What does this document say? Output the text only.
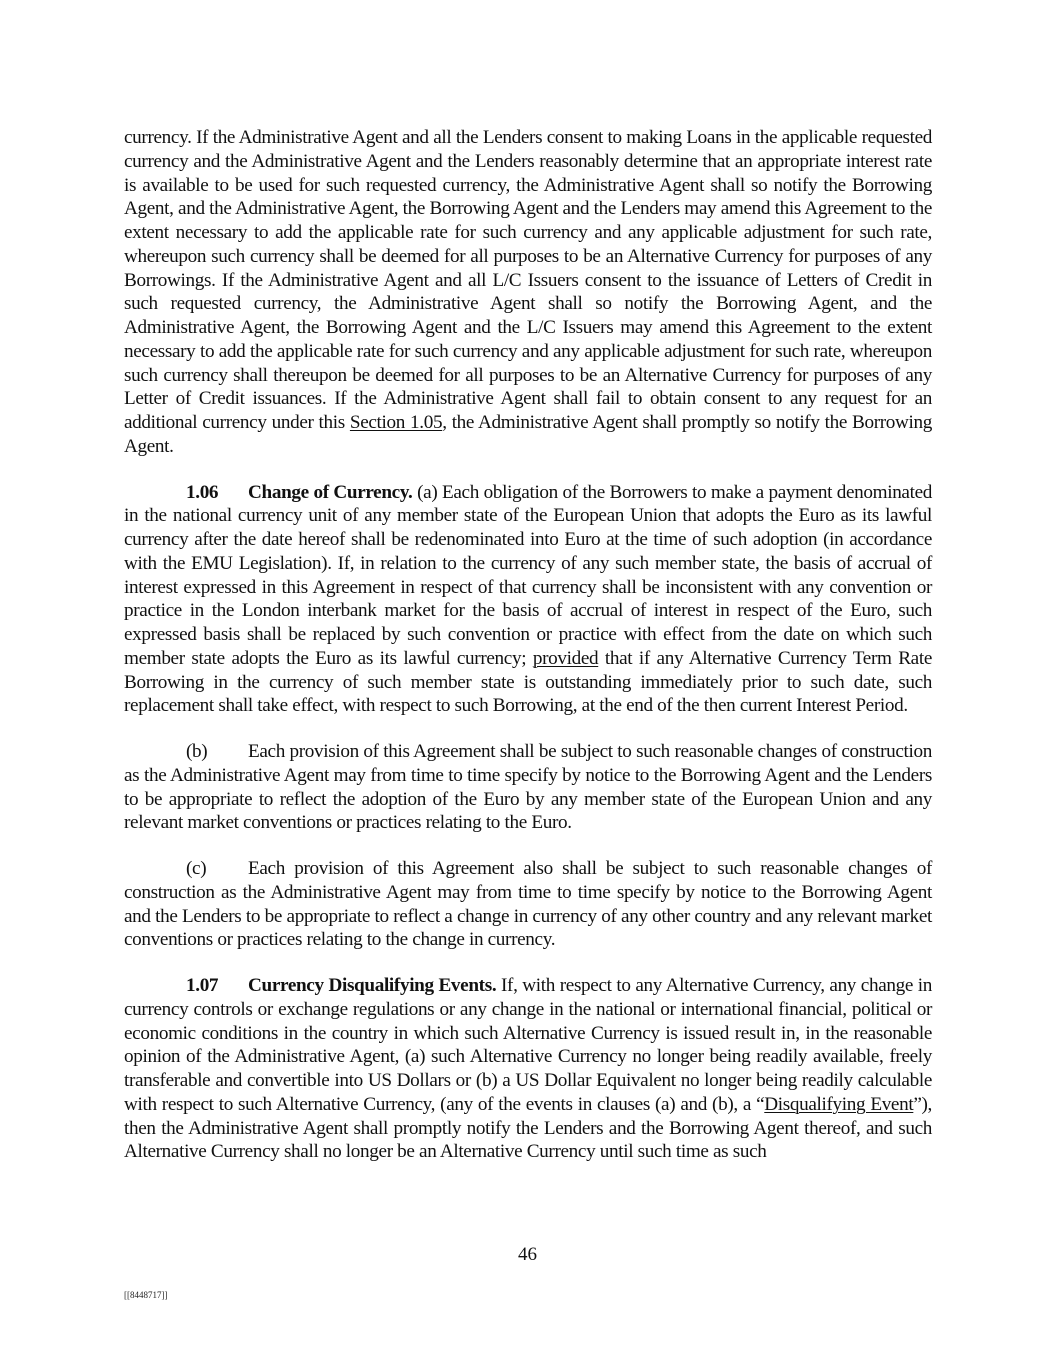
currency. If the Administrative Agent and all the Lenders consent to making Loans in the applicable requested currency and the Administrative Agent and the Lenders reasonably determine that an appropriate interest rate is available to be used for such requested currency, the Administrative Agent shall so notify the Borrowing Agent, and the Administrative Agent, the Borrowing Agent and the Lenders may amend this Agreement to the extent necessary to add the applicable rate for such currency and any applicable adjustment for such rate, whereupon such currency shall be deemed for all purposes to be an Alternative Currency for purposes of any Borrowings. If the Administrative Agent and all L/C Issuers consent to the issuance of Letters of Credit in such requested currency, the Administrative Agent shall so notify the Borrowing Agent, and the Administrative Agent, the Borrowing Agent and the L/C Issuers may amend this Agreement to the extent necessary to add the applicable rate for such currency and any applicable adjustment for such rate, whereupon such currency shall thereupon be deemed for all purposes to be an Alternative Currency for purposes of any Letter of Credit issuances. If the Administrative Agent shall fail to obtain consent to any request for an additional currency under this Section 1.05, the Administrative Agent shall promptly so notify the Borrowing Agent.

1.06 Change of Currency. (a) Each obligation of the Borrowers to make a payment denominated in the national currency unit of any member state of the European Union that adopts the Euro as its lawful currency after the date hereof shall be redenominated into Euro at the time of such adoption (in accordance with the EMU Legislation). If, in relation to the currency of any such member state, the basis of accrual of interest expressed in this Agreement in respect of that currency shall be inconsistent with any convention or practice in the London interbank market for the basis of accrual of interest in respect of the Euro, such expressed basis shall be replaced by such convention or practice with effect from the date on which such member state adopts the Euro as its lawful currency; provided that if any Alternative Currency Term Rate Borrowing in the currency of such member state is outstanding immediately prior to such date, such replacement shall take effect, with respect to such Borrowing, at the end of the then current Interest Period.

(b) Each provision of this Agreement shall be subject to such reasonable changes of construction as the Administrative Agent may from time to time specify by notice to the Borrowing Agent and the Lenders to be appropriate to reflect the adoption of the Euro by any member state of the European Union and any relevant market conventions or practices relating to the Euro.

(c) Each provision of this Agreement also shall be subject to such reasonable changes of construction as the Administrative Agent may from time to time specify by notice to the Borrowing Agent and the Lenders to be appropriate to reflect a change in currency of any other country and any relevant market conventions or practices relating to the change in currency.

1.07 Currency Disqualifying Events. If, with respect to any Alternative Currency, any change in currency controls or exchange regulations or any change in the national or international financial, political or economic conditions in the country in which such Alternative Currency is issued result in, in the reasonable opinion of the Administrative Agent, (a) such Alternative Currency no longer being readily available, freely transferable and convertible into US Dollars or (b) a US Dollar Equivalent no longer being readily calculable with respect to such Alternative Currency, (any of the events in clauses (a) and (b), a “Disqualifying Event”), then the Administrative Agent shall promptly notify the Lenders and the Borrowing Agent thereof, and such Alternative Currency shall no longer be an Alternative Currency until such time as such

46
[[8448717]]
